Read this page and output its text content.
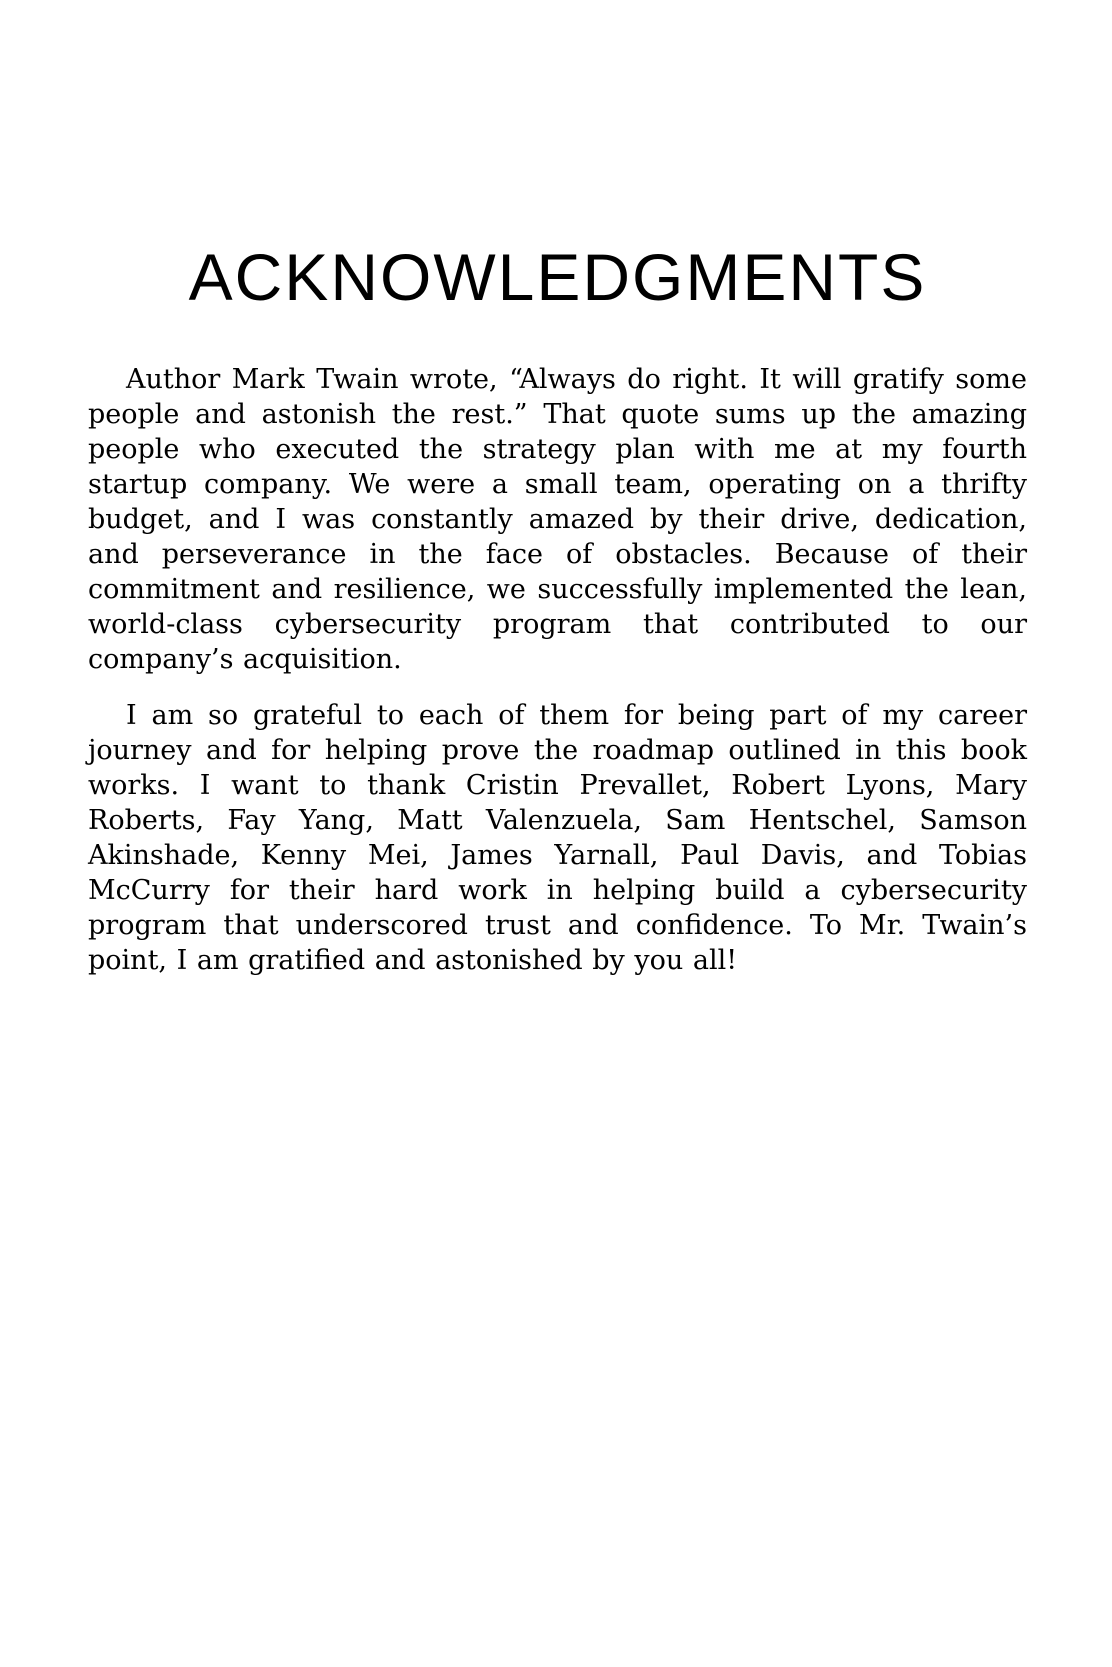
ACKNOWLEDGMENTS

Author Mark Twain wrote, “Always do right. It will gratify some people and astonish the rest.” That quote sums up the amazing people who executed the strategy plan with me at my fourth startup company. We were a small team, operating on a thrifty budget, and I was constantly amazed by their drive, dedication, and perseverance in the face of obstacles. Because of their commitment and resilience, we successfully implemented the lean, world-class cybersecurity program that contributed to our company’s acquisition.

I am so grateful to each of them for being part of my career journey and for helping prove the roadmap outlined in this book works. I want to thank Cristin Prevallet, Robert Lyons, Mary Roberts, Fay Yang, Matt Valenzuela, Sam Hentschel, Samson Akinshade, Kenny Mei, James Yarnall, Paul Davis, and Tobias McCurry for their hard work in helping build a cybersecurity program that underscored trust and confidence. To Mr. Twain’s point, I am gratified and astonished by you all!
